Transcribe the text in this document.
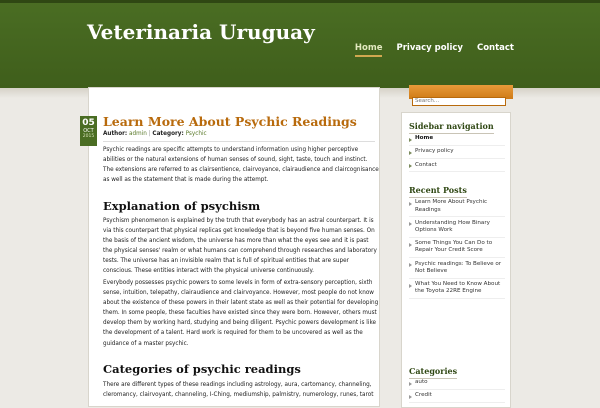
Veterinaria Uruguay
Home Privacy policy Contact
05
OCT
2015
Learn More About Psychic Readings
Author: admin | Category: Psychic

Psychic readings are specific attempts to understand information using higher perceptive abilities or the natural extensions of human senses of sound, sight, taste, touch and instinct. The extensions are referred to as clairsentience, clairvoyance, clairaudience and claircognisance as well as the statement that is made during the attempt.

Explanation of psychism

Psychism phenomenon is explained by the truth that everybody has an astral counterpart. It is via this counterpart that physical replicas get knowledge that is beyond five human senses. On the basis of the ancient wisdom, the universe has more than what the eyes see and it is past the physical senses' realm or what humans can comprehend through researches and laboratory tests. The universe has an invisible realm that is full of spiritual entities that are super conscious. These entities interact with the physical universe continuously.

Everybody possesses psychic powers to some levels in form of extra-sensory perception, sixth sense, intuition, telepathy, clairaudience and clairvoyance. However, most people do not know about the existence of these powers in their latent state as well as their potential for developing them. In some people, these faculties have existed since they were born. However, others must develop them by working hard, studying and being diligent. Psychic powers development is like the development of a talent. Hard work is required for them to be uncovered as well as the guidance of a master psychic.

Categories of psychic readings

There are different types of these readings including astrology, aura, cartomancy, channeling, cleromancy, clairvoyant, channeling, I-Ching, mediumship, palmistry, numerology, runes, tarot

Search...
Sidebar navigation
Home
Privacy policy
Contact
Recent Posts
Learn More About Psychic Readings
Understanding How Binary Options Work
Some Things You Can Do to Repair Your Credit Score
Psychic readings: To Believe or Not Believe
What You Need to Know About the Toyota 22RE Engine
Categories
auto
Credit
